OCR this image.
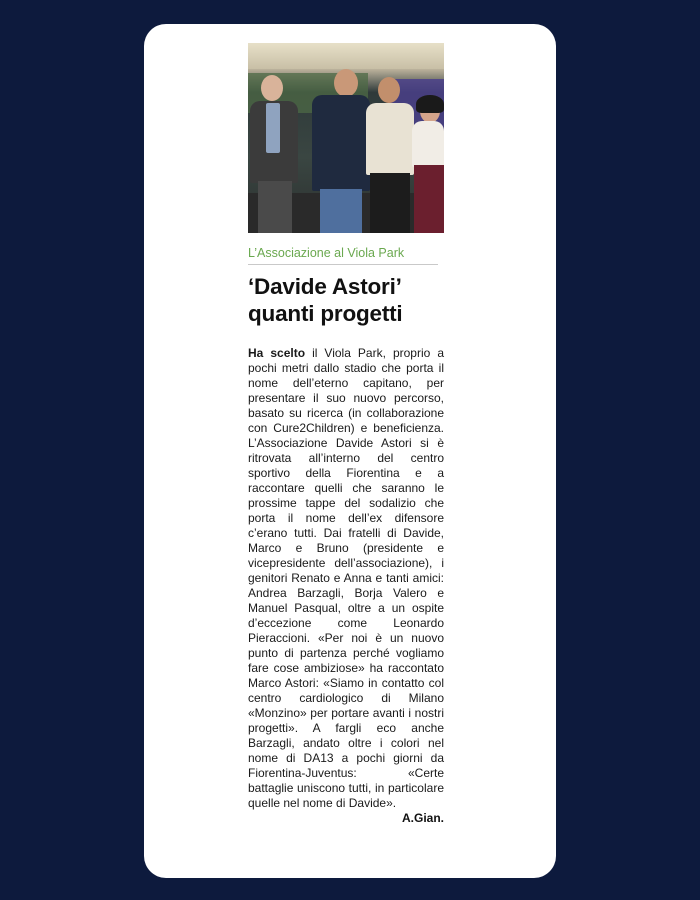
L’Associazione al Viola Park
‘Davide Astori’
quanti progetti
Ha scelto il Viola Park, proprio a pochi metri dallo stadio che porta il nome dell’eterno capitano, per presentare il suo nuovo percorso, basato su ricerca (in collaborazione con Cure2Children) e beneficienza. L’Associazione Davide Astori si è ritrovata all’interno del centro sportivo della Fiorentina e a raccontare quelli che saranno le prossime tappe del sodalizio che porta il nome dell’ex difensore c’erano tutti. Dai fratelli di Davide, Marco e Bruno (presidente e vicepresidente dell’associazione), i genitori Renato e Anna e tanti amici: Andrea Barzagli, Borja Valero e Manuel Pasqual, oltre a un ospite d’eccezione come Leonardo Pieraccioni. «Per noi è un nuovo punto di partenza perché vogliamo fare cose ambiziose» ha raccontato Marco Astori: «Siamo in contatto col centro cardiologico di Milano «Monzino» per portare avanti i nostri progetti». A fargli eco anche Barzagli, andato oltre i colori nel nome di DA13 a pochi giorni da Fiorentina-Juventus: «Certe battaglie uniscono tutti, in particolare quelle nel nome di Davide».
A.Gian.
